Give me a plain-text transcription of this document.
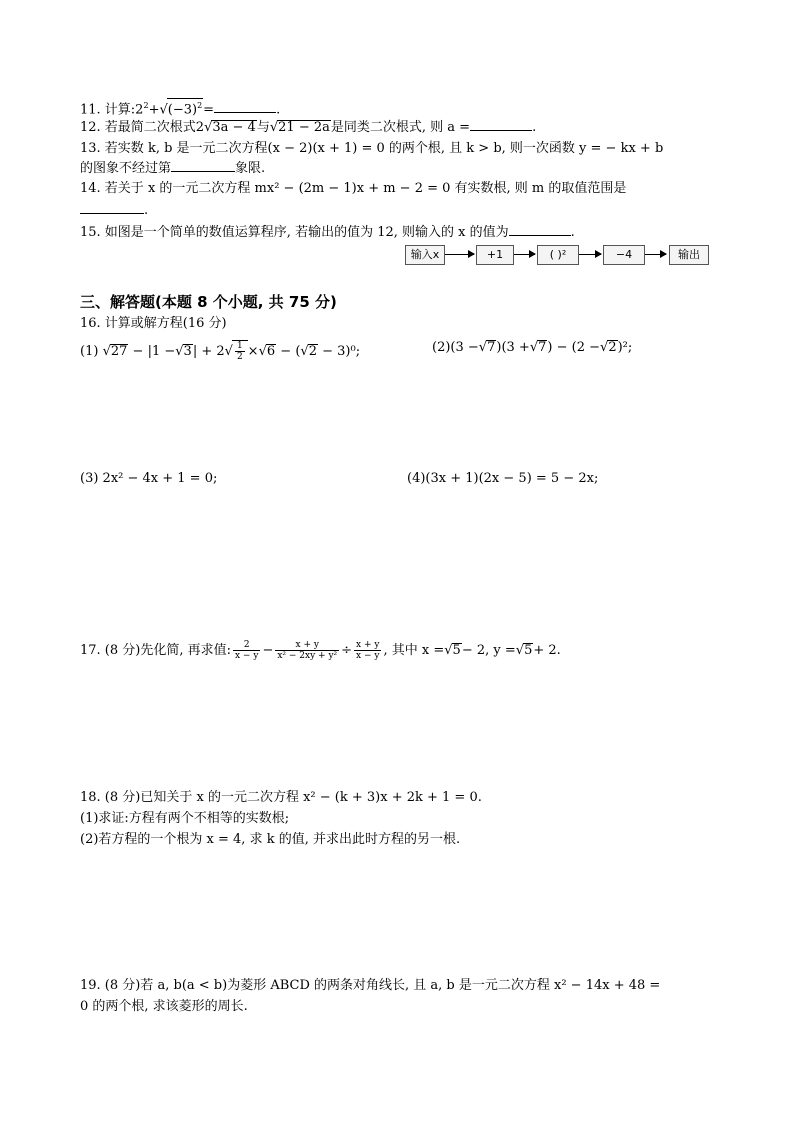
11. 计算$:2^2+√(-3)^2=$	.
12. 若最简二次根式2√3a − 4与√21 − 2a是同类二次根式, 则 a =	.
13. 若实数 k, b 是一元二次方程(x − 2)(x + 1) = 0 的两个根, 且 k > b, 则一次函数 y = − kx + b
的图象不经过第	象限.
14. 若关于 x 的一元二次方程 mx² − (2m − 1)x + m − 2 = 0 有实数根, 则 m 的取值范围是
.
15. 如图是一个简单的数值运算程序, 若输出的值为 12, 则输入的 x 的值为	.
输入x	+1	( )²	−4	输出
三、解答题(本题 8 个小题, 共 75 分)
16. 计算或解方程(16 分)
(1) $√27 - |1 -√3| + 2√ \frac{1}{2} \times√6 - (√2 - 3)^0$;	(2)(3 −√7)(3 +√7) − (2 −√2)²;
(3) 2x² − 4x + 1 = 0;	(4)(3x + 1)(2x − 5) = 5 − 2x;
17. (8 分)先化简, 再求值: $\frac{2}{x - y} - \frac{x + y}{\text{x² − 2xy + y²}} \div \frac{x + y}{x - y}$ , 其中 x =√5− 2, y =√5+ 2.
18. (8 分)已知关于 x 的一元二次方程 x² − (k + 3)x + 2k + 1 = 0.
(1)求证:方程有两个不相等的实数根;
(2)若方程的一个根为 x = 4, 求 k 的值, 并求出此时方程的另一根.
19. (8 分)若 a, b(a < b)为菱形 ABCD 的两条对角线长, 且 a, b 是一元二次方程 x² − 14x + 48 =
0 的两个根, 求该菱形的周长.
